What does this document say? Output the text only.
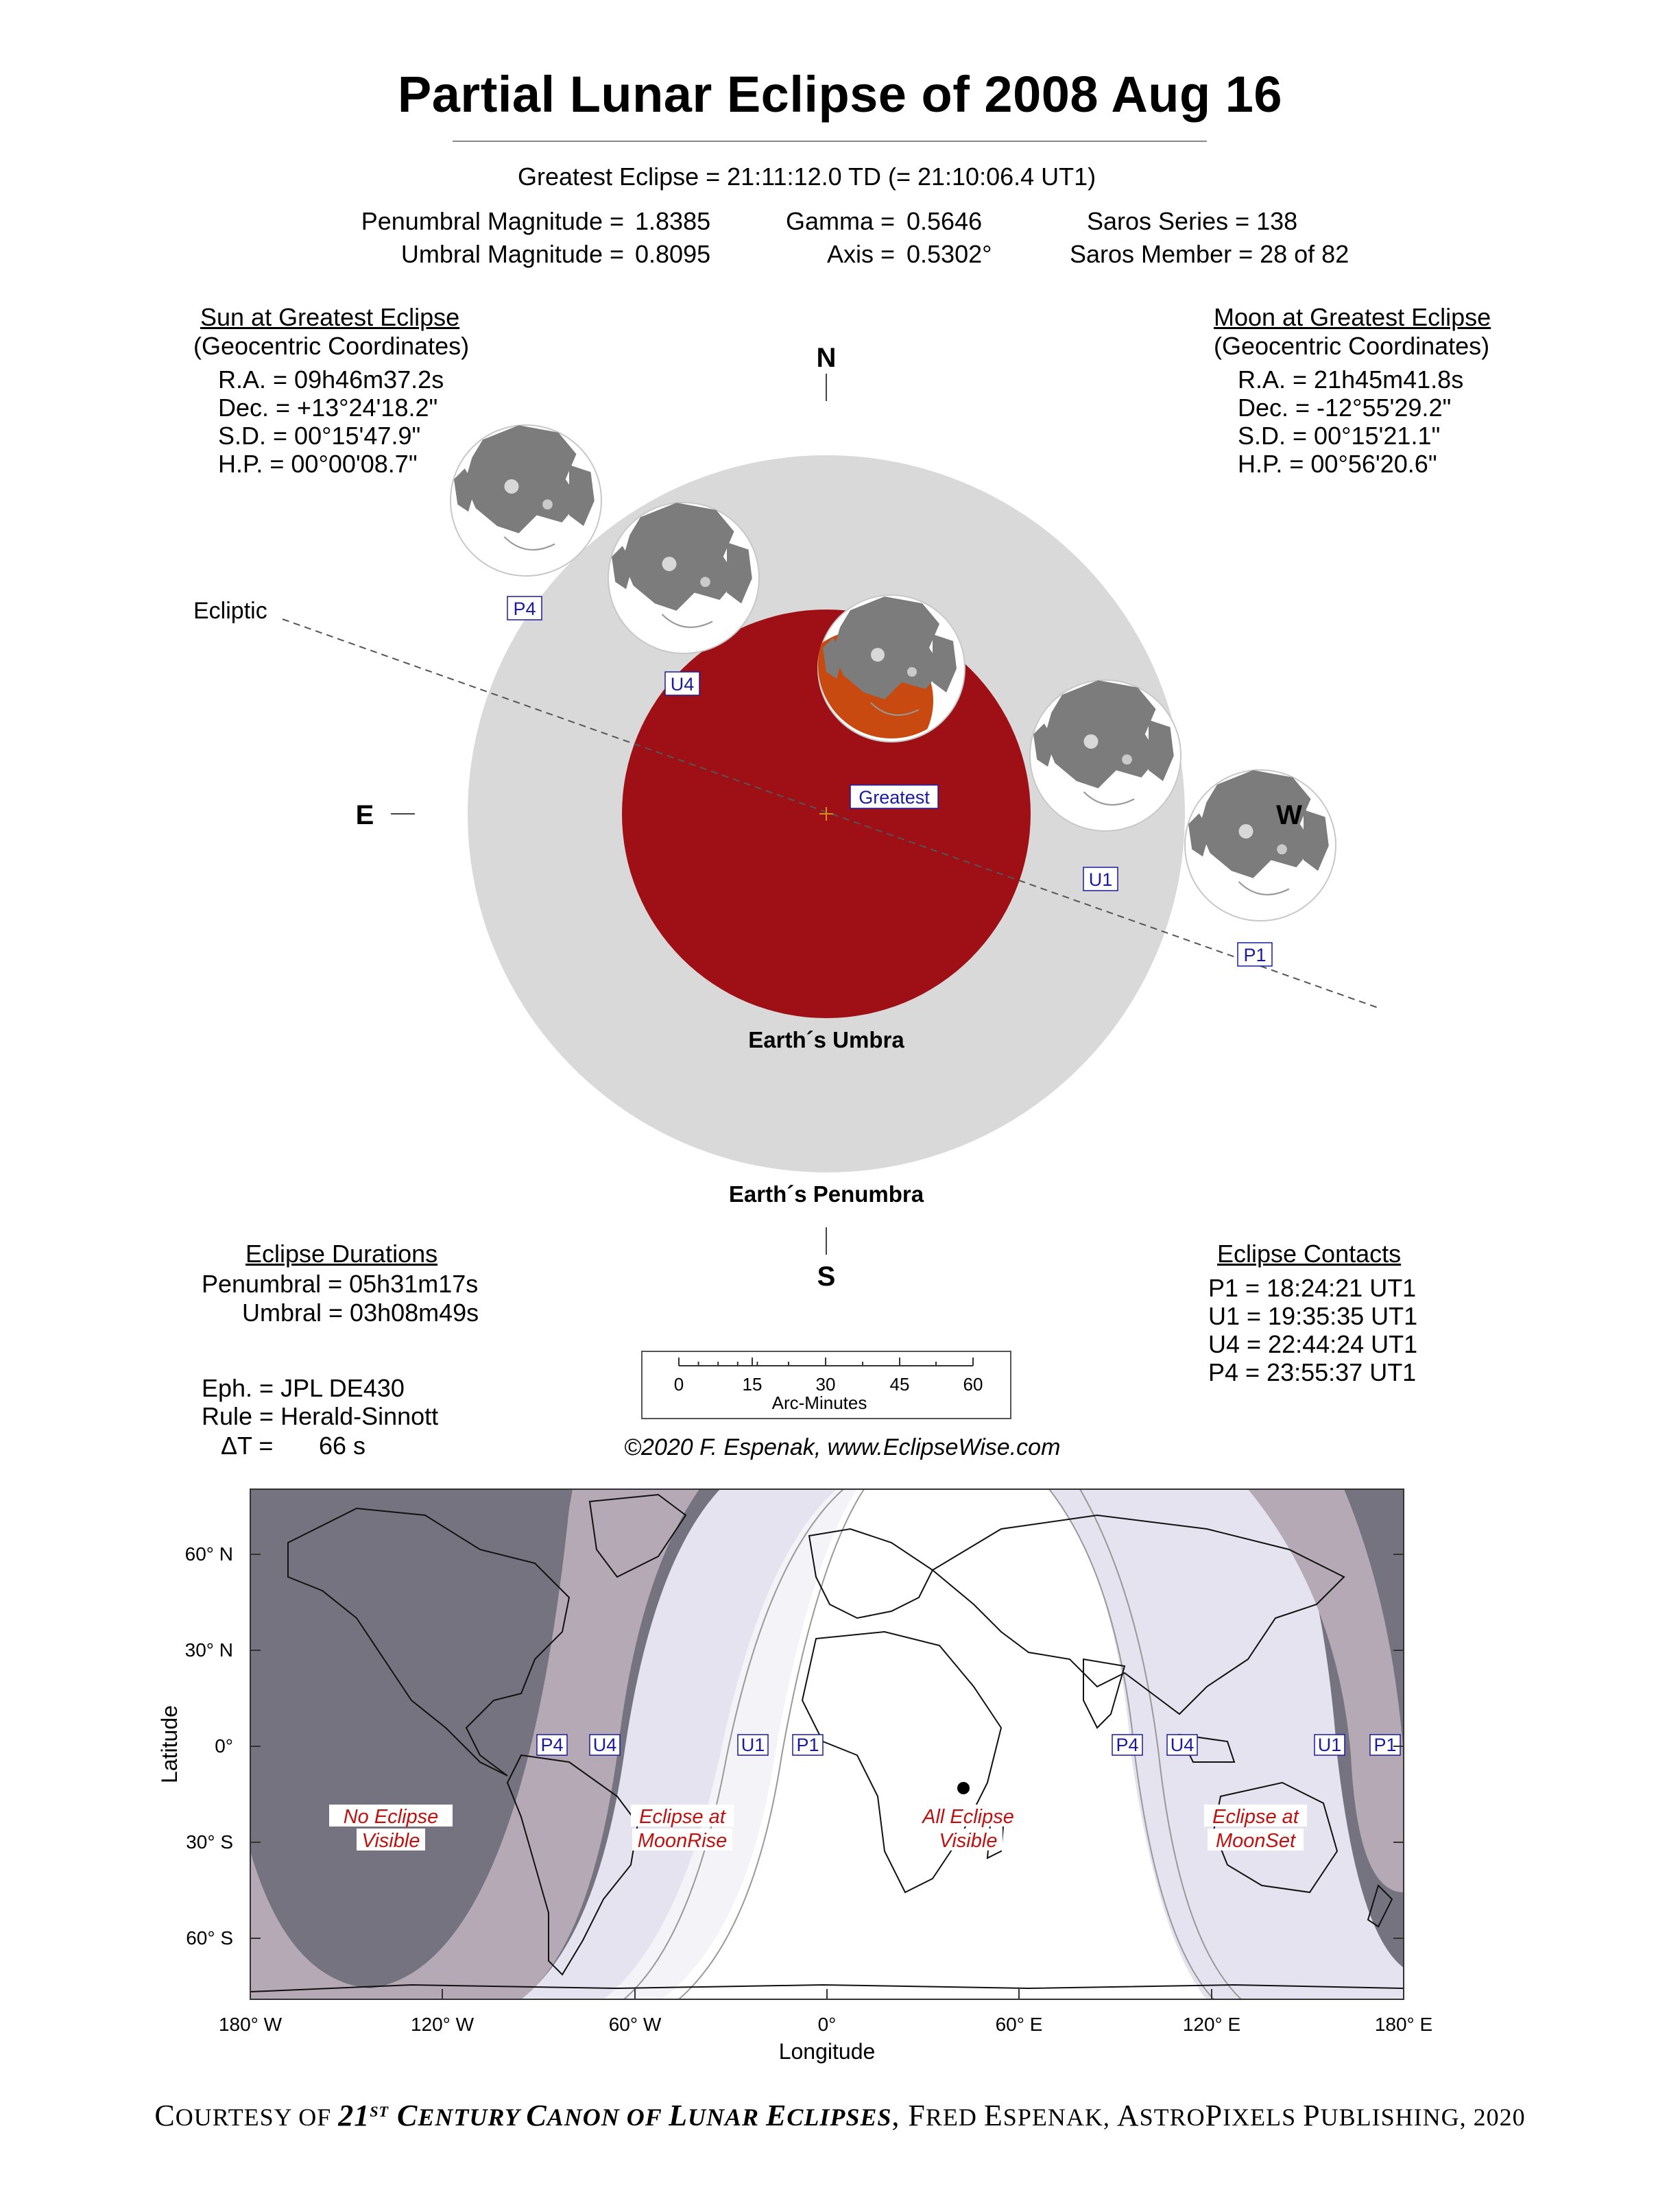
Partial Lunar Eclipse of 2008 Aug 16
Greatest Eclipse = 21:11:12.0 TD (= 21:10:06.4 UT1)
Penumbral Magnitude = 1.8385
Umbral Magnitude = 0.8095
Gamma = 0.5646
Axis = 0.5302°
Saros Series = 138
Saros Member = 28 of 82
Sun at Greatest Eclipse
(Geocentric Coordinates)
R.A. = 09h46m37.2s
Dec. = +13°24'18.2"
S.D. = 00°15'47.9"
H.P. = 00°00'08.7"
Moon at Greatest Eclipse
(Geocentric Coordinates)
R.A. = 21h45m41.8s
Dec. = -12°55'29.2"
S.D. = 00°15'21.1"
H.P. = 00°56'20.6"
P4
U4
U1
P1
Greatest
N
S
E	W
Ecliptic
Earth´s Umbra
Earth´s Penumbra
Eclipse Durations
Penumbral = 05h31m17s
Umbral = 03h08m49s
Eclipse Contacts
P1 = 18:24:21 UT1
U1 = 19:35:35 UT1
U4 = 22:44:24 UT1
P4 = 23:55:37 UT1
Eph. = JPL DE430
Rule = Herald-Sinnott
ΔT = 66 s
0	15	30	45	60
Arc-Minutes
©2020 F. Espenak, www.EclipseWise.com
P4 U4	U1 P1	P4 U4	U1 P1
No Eclipse
Visible
Eclipse at
MoonRise
All Eclipse
Visible
Eclipse at
MoonSet
60° N
30° N
0°
30° S
60° S
180° W	120° W	60° W	0°	60° E	120° E	180° E
Longitude
Latitude
COURTESY OF 21ST CENTURY CANON OF LUNAR ECLIPSES, FRED ESPENAK, ASTROPIXELS PUBLISHING, 2020
